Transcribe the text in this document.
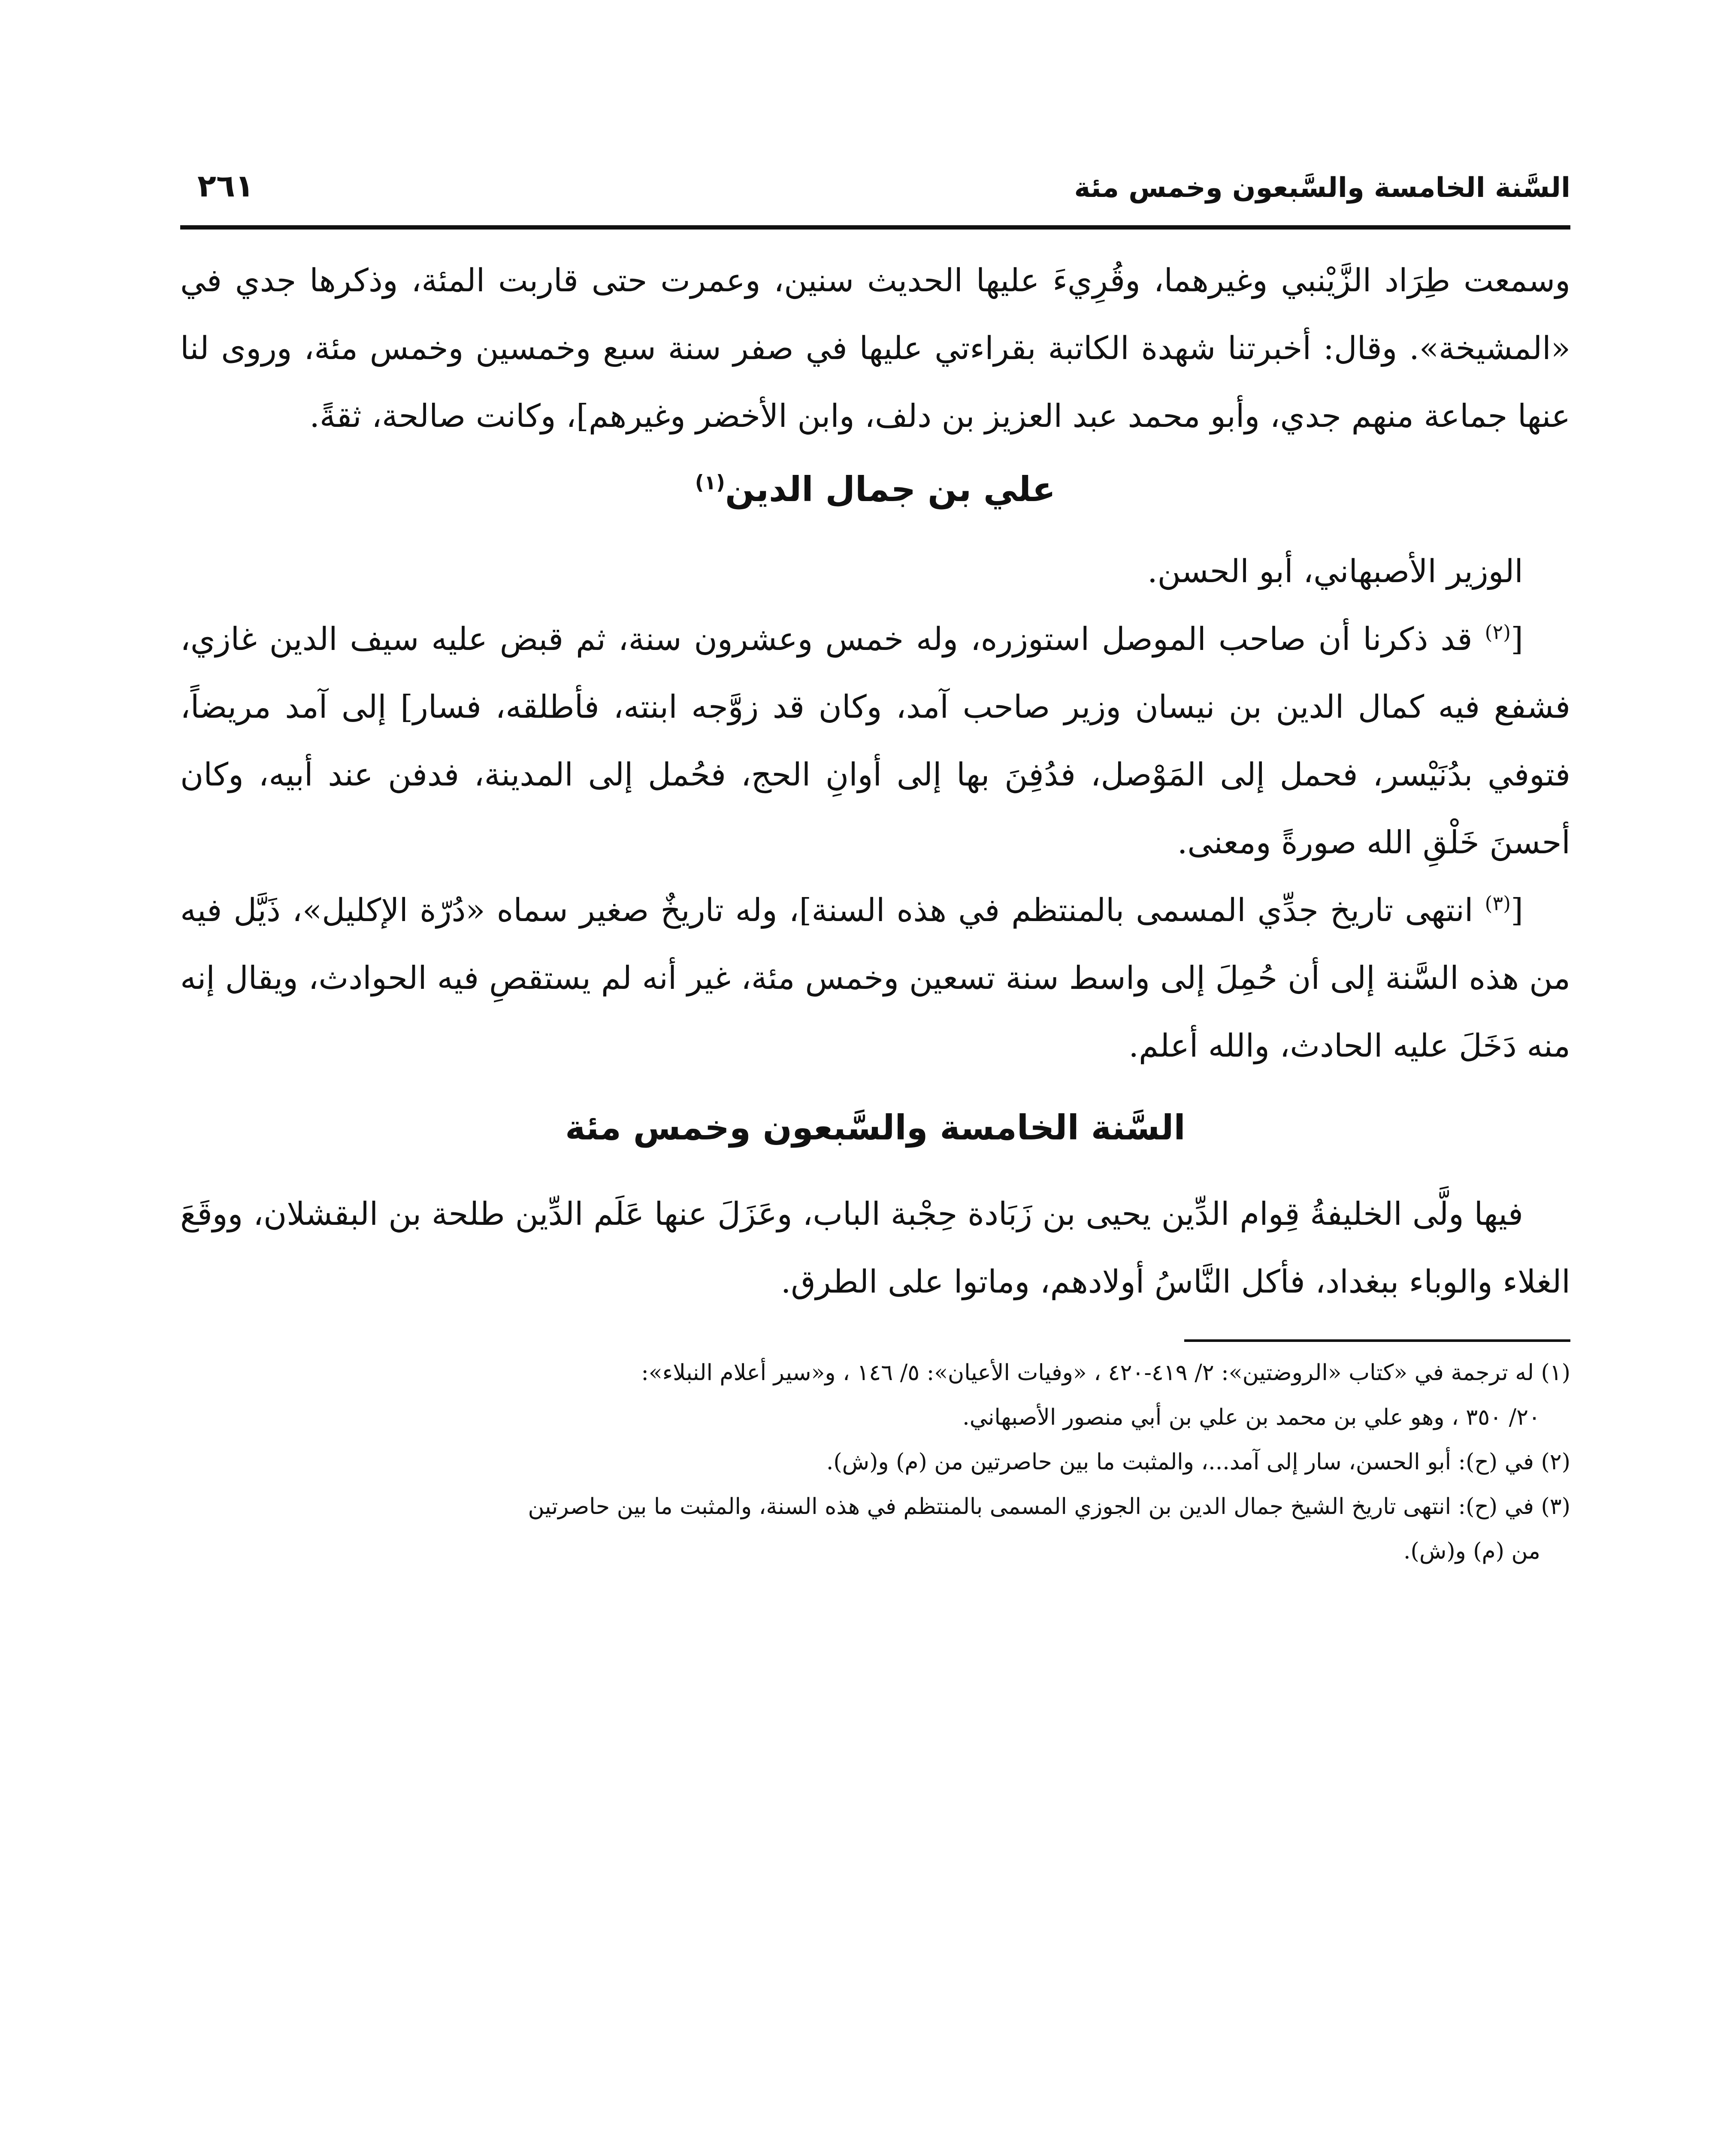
السَّنة الخامسة والسَّبعون وخمس مئة
٢٦١

وسمعت طِرَاد الزَّيْنبي وغيرهما، وقُرِيءَ عليها الحديث سنين، وعمرت حتى قاربت المئة، وذكرها جدي في «المشيخة». وقال: أخبرتنا شهدة الكاتبة بقراءتي عليها في صفر سنة سبع وخمسين وخمس مئة، وروى لنا عنها جماعة منهم جدي، وأبو محمد عبد العزيز بن دلف، وابن الأخضر وغيرهم]، وكانت صالحة، ثقةً.

علي بن جمال الدين$^{(١)}$

الوزير الأصبهاني، أبو الحسن.

[$^{(٢)}$ قد ذكرنا أن صاحب الموصل استوزره، وله خمس وعشرون سنة، ثم قبض عليه سيف الدين غازي، فشفع فيه كمال الدين بن نيسان وزير صاحب آمد، وكان قد زوَّجه ابنته، فأطلقه، فسار] إلى آمد مريضاً، فتوفي بدُنَيْسر، فحمل إلى المَوْصل، فدُفِنَ بها إلى أوانِ الحج، فحُمل إلى المدينة، فدفن عند أبيه، وكان أحسنَ خَلْقِ الله صورةً ومعنى.

[$^{(٣)}$ انتهى تاريخ جدِّي المسمى بالمنتظم في هذه السنة]، وله تاريخٌ صغير سماه «دُرّة الإكليل»، ذَيَّل فيه من هذه السَّنة إلى أن حُمِلَ إلى واسط سنة تسعين وخمس مئة، غير أنه لم يستقصِ فيه الحوادث، ويقال إنه منه دَخَلَ عليه الحادث، والله أعلم.

السَّنة الخامسة والسَّبعون وخمس مئة

فيها ولَّى الخليفةُ قِوام الدِّين يحيى بن زَبَادة حِجْبة الباب، وعَزَلَ عنها عَلَم الدِّين طلحة بن البقشلان، ووقَعَ الغلاء والوباء ببغداد، فأكل النَّاسُ أولادهم، وماتوا على الطرق.

(١) له ترجمة في «كتاب «الروضتين»: ٢/ ٤١٩-٤٢٠ ، «وفيات الأعيان»: ٥/ ١٤٦ ، و«سير أعلام النبلاء»:

٢٠/ ٣٥٠ ، وهو علي بن محمد بن علي بن أبي منصور الأصبهاني.

(٢) في (ح): أبو الحسن، سار إلى آمد...، والمثبت ما بين حاصرتين من (م) و(ش).

(٣) في (ح): انتهى تاريخ الشيخ جمال الدين بن الجوزي المسمى بالمنتظم في هذه السنة، والمثبت ما بين حاصرتين

من (م) و(ش).
